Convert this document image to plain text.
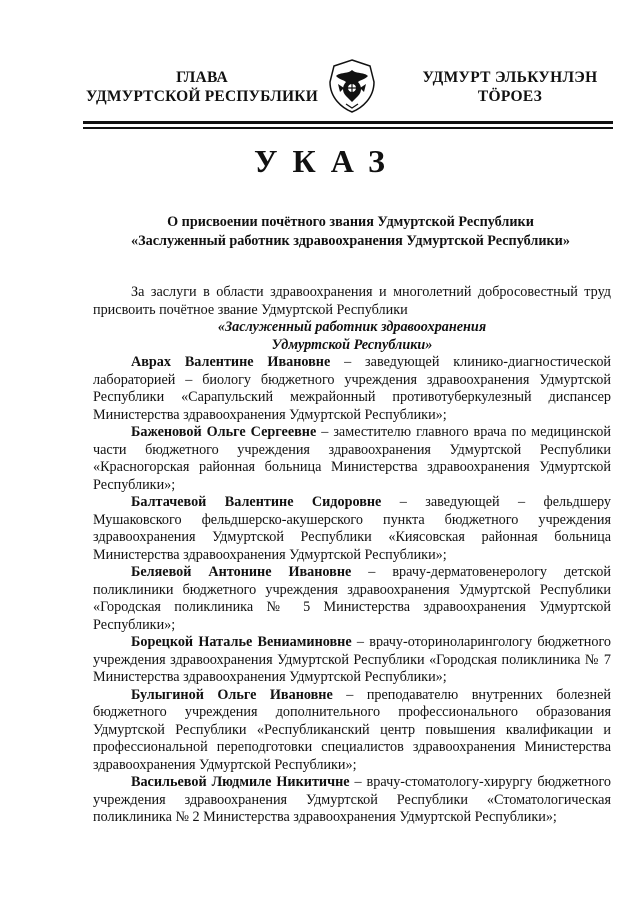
ГЛАВА
УДМУРТСКОЙ РЕСПУБЛИКИ
УДМУРТ ЭЛЬКУНЛЭН
ТӦРОЕЗ
УКАЗ
О присвоении почётного звания Удмуртской Республики
«Заслуженный работник здравоохранения Удмуртской Республики»

За заслуги в области здравоохранения и многолетний добросовестный труд присвоить почётное звание Удмуртской Республики

«Заслуженный работник здравоохранения
Удмуртской Республики»

Аврах Валентине Ивановне – заведующей клинико-диагностической лабораторией – биологу бюджетного учреждения здравоохранения Удмуртской Республики «Сарапульский межрайонный противотуберкулезный диспансер Министерства здравоохранения Удмуртской Республики»;

Баженовой Ольге Сергеевне – заместителю главного врача по медицинской части бюджетного учреждения здравоохранения Удмуртской Республики «Красногорская районная больница Министерства здравоохранения Удмуртской Республики»;

Балтачевой Валентине Сидоровне – заведующей – фельдшеру Мушаковского фельдшерско-акушерского пункта бюджетного учреждения здравоохранения Удмуртской Республики «Киясовская районная больница Министерства здравоохранения Удмуртской Республики»;

Беляевой Антонине Ивановне – врачу-дерматовенерологу детской поликлиники бюджетного учреждения здравоохранения Удмуртской Республики «Городская поликлиника № 5 Министерства здравоохранения Удмуртской Республики»;

Борецкой Наталье Вениаминовне – врачу-оториноларингологу бюджетного учреждения здравоохранения Удмуртской Республики «Городская поликлиника № 7 Министерства здравоохранения Удмуртской Республики»;

Булыгиной Ольге Ивановне – преподавателю внутренних болезней бюджетного учреждения дополнительного профессионального образования Удмуртской Республики «Республиканский центр повышения квалификации и профессиональной переподготовки специалистов здравоохранения Министерства здравоохранения Удмуртской Республики»;

Васильевой Людмиле Никитичне – врачу-стоматологу-хирургу бюджетного учреждения здравоохранения Удмуртской Республики «Стоматологическая поликлиника № 2 Министерства здравоохранения Удмуртской Республики»;
